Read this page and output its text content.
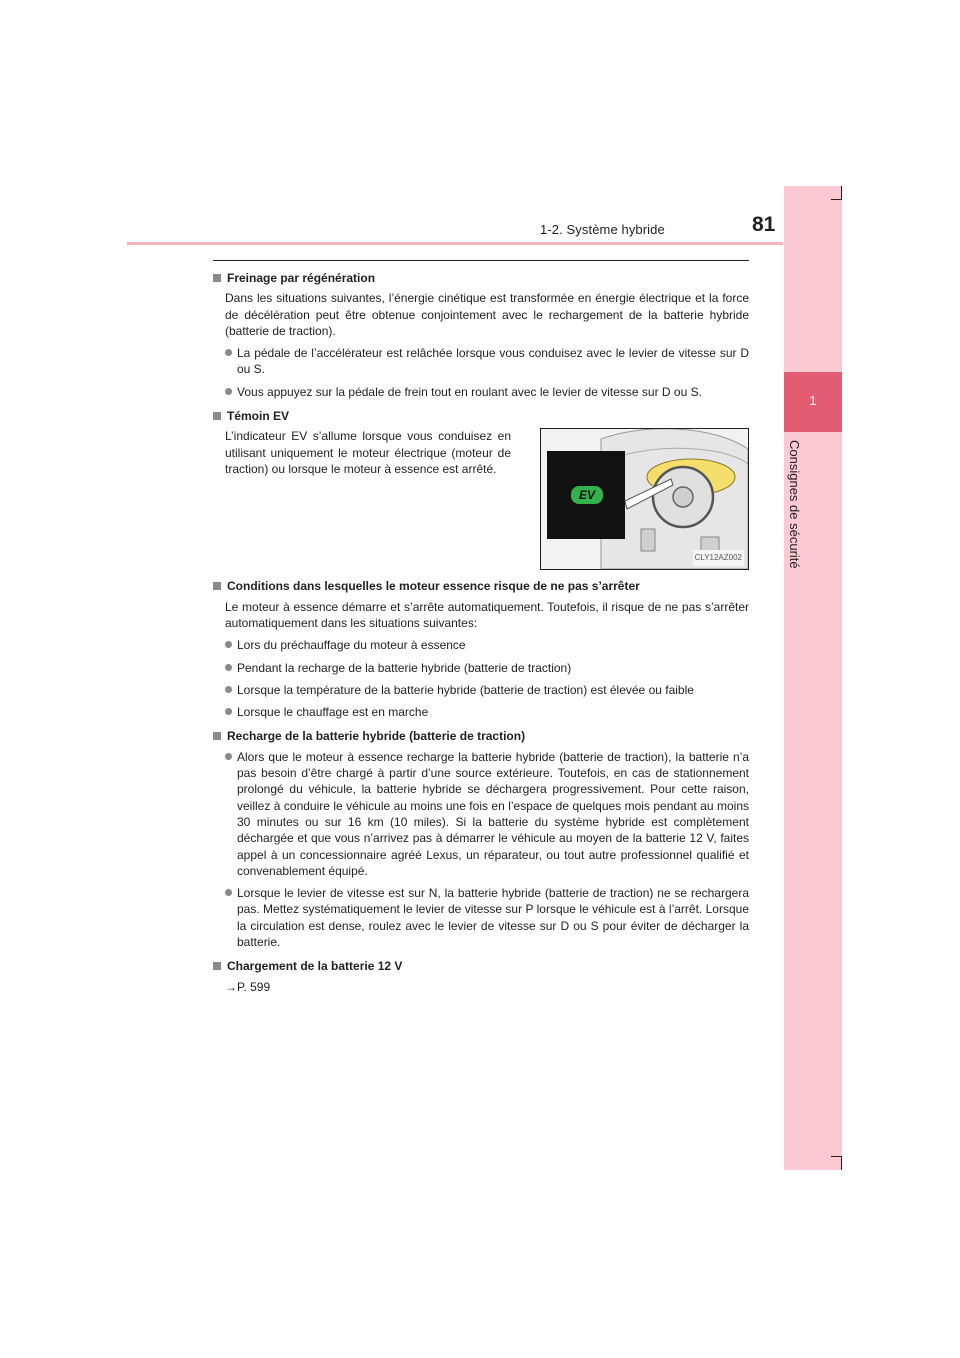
1-2. Système hybride	81
1
Consignes de sécurité
Freinage par régénération
Dans les situations suivantes, l’énergie cinétique est transformée en énergie électrique et la force de décélération peut être obtenue conjointement avec le rechargement de la batterie hybride (batterie de traction).
La pédale de l’accélérateur est relâchée lorsque vous conduisez avec le levier de vitesse sur D ou S.
Vous appuyez sur la pédale de frein tout en roulant avec le levier de vitesse sur D ou S.
Témoin EV
L’indicateur EV s’allume lorsque vous conduisez en utilisant uniquement le moteur électrique (moteur de traction) ou lorsque le moteur à essence est arrêté.
EV
CLY12AZ002
Conditions dans lesquelles le moteur essence risque de ne pas s’arrêter
Le moteur à essence démarre et s’arrête automatiquement. Toutefois, il risque de ne pas s’arrêter automatiquement dans les situations suivantes:
Lors du préchauffage du moteur à essence
Pendant la recharge de la batterie hybride (batterie de traction)
Lorsque la température de la batterie hybride (batterie de traction) est élevée ou faible
Lorsque le chauffage est en marche
Recharge de la batterie hybride (batterie de traction)
Alors que le moteur à essence recharge la batterie hybride (batterie de traction), la batterie n’a pas besoin d’être chargé à partir d’une source extérieure. Toutefois, en cas de stationnement prolongé du véhicule, la batterie hybride se déchargera progressivement. Pour cette raison, veillez à conduire le véhicule au moins une fois en l’espace de quelques mois pendant au moins 30 minutes ou sur 16 km (10 miles). Si la batterie du système hybride est complètement déchargée et que vous n’arrivez pas à démarrer le véhicule au moyen de la batterie 12 V, faites appel à un concessionnaire agréé Lexus, un réparateur, ou tout autre professionnel qualifié et convenablement équipé.
Lorsque le levier de vitesse est sur N, la batterie hybride (batterie de traction) ne se rechargera pas. Mettez systématiquement le levier de vitesse sur P lorsque le véhicule est à l’arrêt. Lorsque la circulation est dense, roulez avec le levier de vitesse sur D ou S pour éviter de décharger la batterie.
Chargement de la batterie 12 V
→P. 599
